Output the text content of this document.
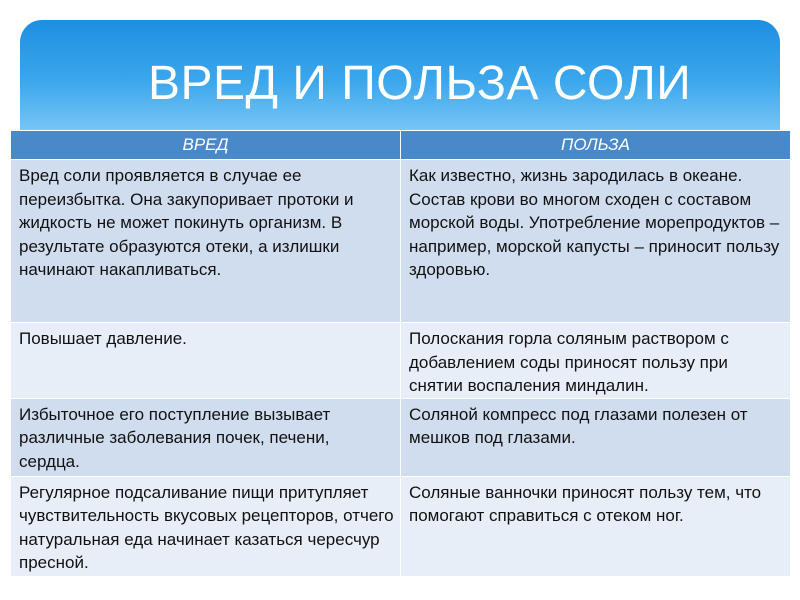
ВРЕД И ПОЛЬЗА СОЛИ
ВРЕД	ПОЛЬЗА
Вред соли проявляется в случае ее переизбытка. Она закупоривает протоки и жидкость не может покинуть организм. В результате образуются отеки, а излишки начинают накапливаться.	Как известно, жизнь зародилась в океане. Состав крови во многом сходен с составом морской воды. Употребление морепродуктов – например, морской капусты – приносит пользу здоровью.
Повышает давление.	Полоскания горла соляным раствором с добавлением соды приносят пользу при снятии воспаления миндалин.
Избыточное его поступление вызывает различные заболевания почек, печени, сердца.	Соляной компресс под глазами полезен от мешков под глазами.
Регулярное подсаливание пищи притупляет чувствительность вкусовых рецепторов, отчего натуральная еда начинает казаться чересчур пресной.	Соляные ванночки приносят пользу тем, что помогают справиться с отеком ног.
